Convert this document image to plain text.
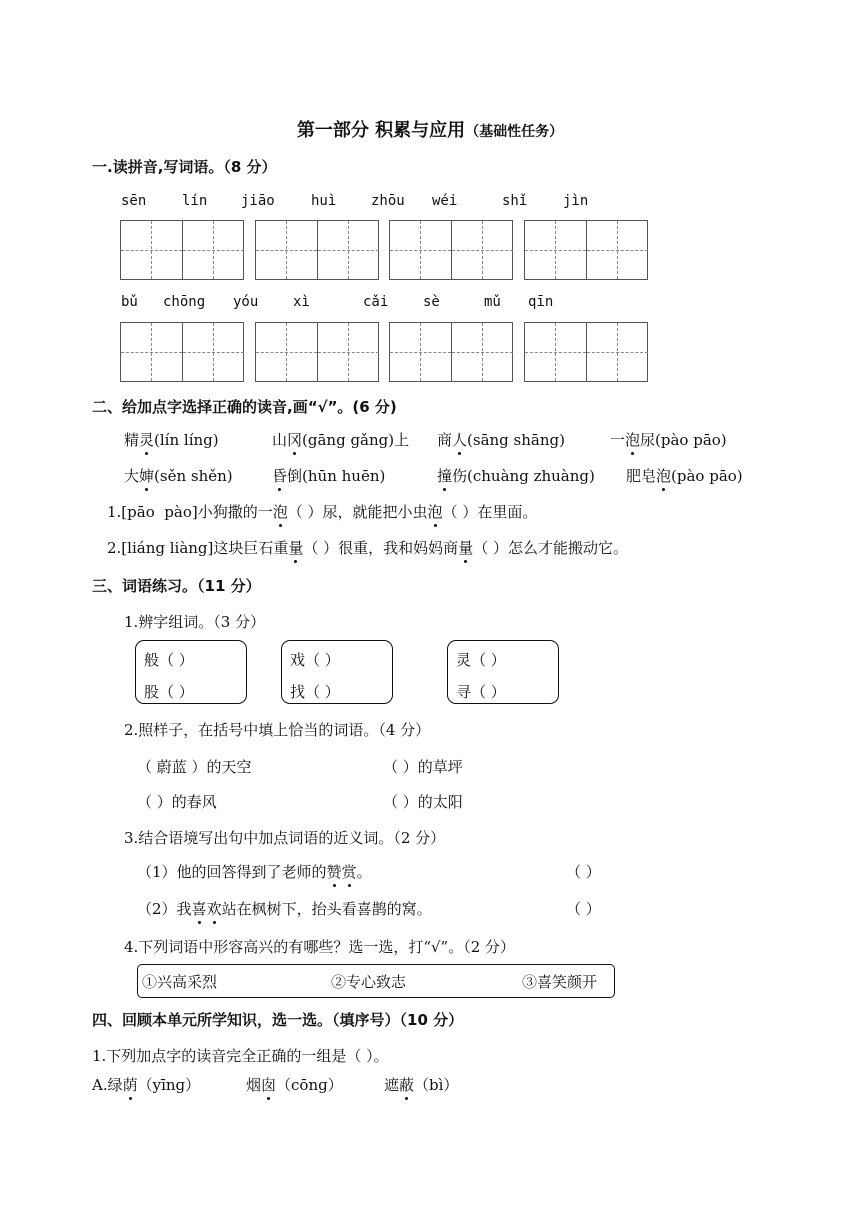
第一部分 积累与应用（基础性任务）
一.读拼音,写词语。（8 分）
sēn	lín jiāo	huì zhōu wéi	shǐ	jìn
bǔ chōng yóu xì	cǎi sè	mǔ qīn
二、给加点字选择正确的读音,画“√”。(6 分)
精灵(lín líng)	山冈(gāng gǎng)上 商人(sāng shāng)	一泡尿(pào pāo)
大婶(sěn shěn)	昏倒(hūn huēn)	撞伤(chuàng zhuàng) 肥皂泡(pào pāo)
1.[pāo pào]小狗撒的一泡（ ）尿，就能把小虫泡（ ）在里面。
2.[liáng liàng]这块巨石重量（ ）很重，我和妈妈商量（ ）怎么才能搬动它。
三、词语练习。（11 分）
1.辨字组词。（3 分）
般（ ）
股（ ）
戏（ ）
找（ ）
灵（ ）
寻（ ）
2.照样子，在括号中填上恰当的词语。（4 分）
（ 蔚蓝 ）的天空	（ ）的草坪
（ ）的春风	（ ）的太阳
3.结合语境写出句中加点词语的近义词。（2 分）
（1）他的回答得到了老师的赞赏。	（ ）
（2）我喜欢站在枫树下，抬头看喜鹊的窝。	（ ）
4.下列词语中形容高兴的有哪些？选一选，打“√”。（2 分）
①兴高采烈	②专心致志	③喜笑颜开
四、回顾本单元所学知识，选一选。（填序号）（10 分）
1.下列加点字的读音完全正确的一组是（ ）。
A.绿荫（yīnɡ）	烟囱（cōnɡ）	遮蔽（bì）
